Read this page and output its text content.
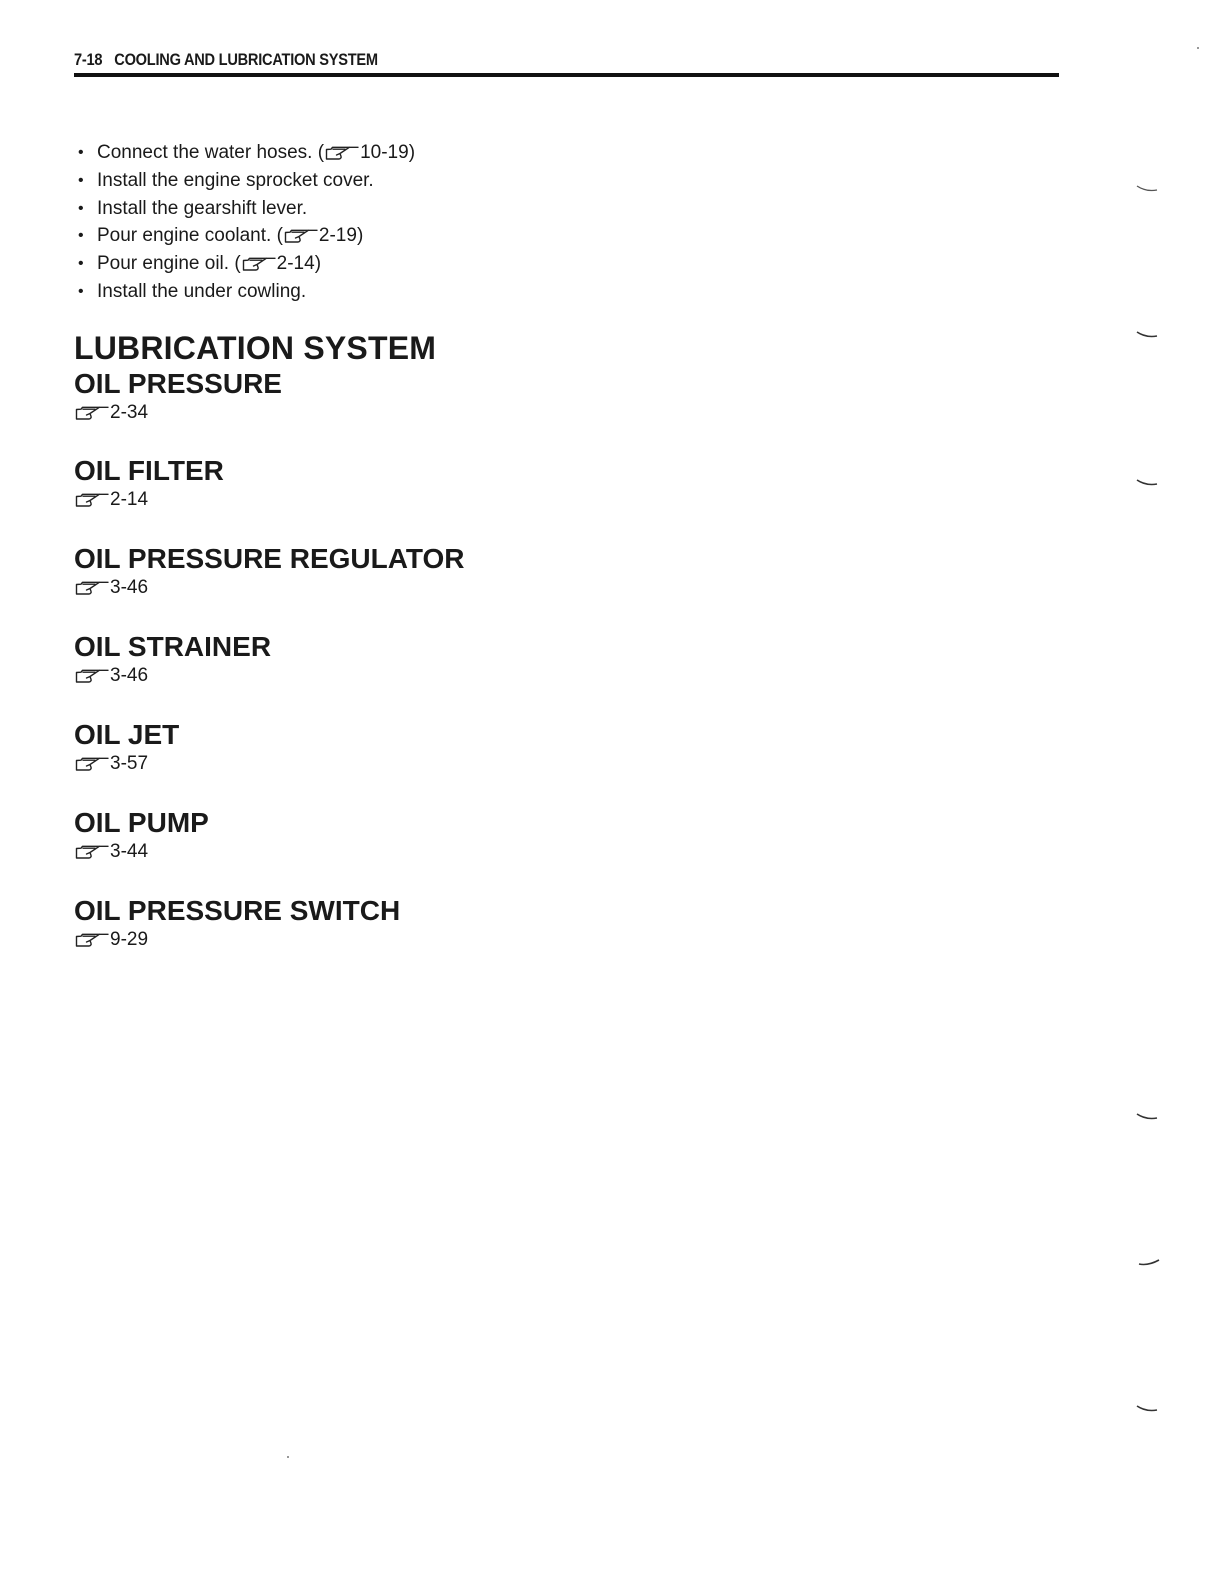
7-18 COOLING AND LUBRICATION SYSTEM
• Connect the water hoses. ( 10-19 )
• Install the engine sprocket cover.
• Install the gearshift lever.
• Pour engine coolant. ( 2-19 )
• Pour engine oil. ( 2-14 )
• Install the under cowling.
LUBRICATION SYSTEM
OIL PRESSURE
2-34
OIL FILTER
2-14
OIL PRESSURE REGULATOR
3-46
OIL STRAINER
3-46
OIL JET
3-57
OIL PUMP
3-44
OIL PRESSURE SWITCH
9-29
